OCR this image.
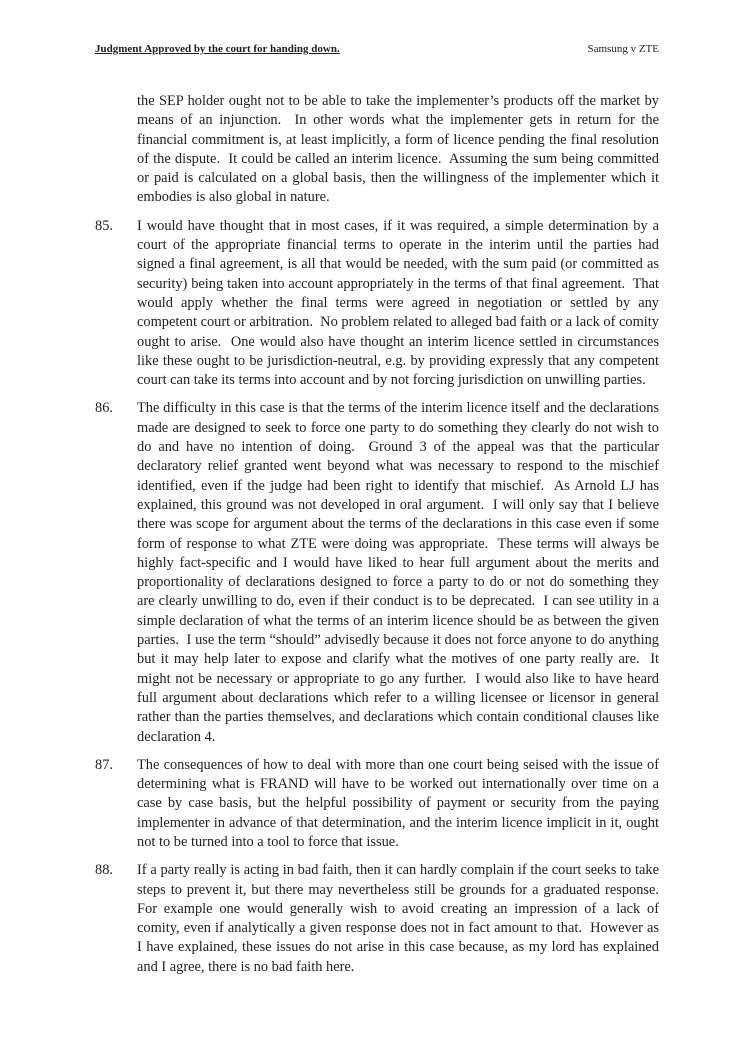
Judgment Approved by the court for handing down.	Samsung v ZTE
the SEP holder ought not to be able to take the implementer’s products off the market by means of an injunction.  In other words what the implementer gets in return for the financial commitment is, at least implicitly, a form of licence pending the final resolution of the dispute.  It could be called an interim licence.  Assuming the sum being committed or paid is calculated on a global basis, then the willingness of the implementer which it embodies is also global in nature.
85.	I would have thought that in most cases, if it was required, a simple determination by a court of the appropriate financial terms to operate in the interim until the parties had signed a final agreement, is all that would be needed, with the sum paid (or committed as security) being taken into account appropriately in the terms of that final agreement.  That would apply whether the final terms were agreed in negotiation or settled by any competent court or arbitration.  No problem related to alleged bad faith or a lack of comity ought to arise.  One would also have thought an interim licence settled in circumstances like these ought to be jurisdiction-neutral, e.g. by providing expressly that any competent court can take its terms into account and by not forcing jurisdiction on unwilling parties.
86.	The difficulty in this case is that the terms of the interim licence itself and the declarations made are designed to seek to force one party to do something they clearly do not wish to do and have no intention of doing.  Ground 3 of the appeal was that the particular declaratory relief granted went beyond what was necessary to respond to the mischief identified, even if the judge had been right to identify that mischief.  As Arnold LJ has explained, this ground was not developed in oral argument.  I will only say that I believe there was scope for argument about the terms of the declarations in this case even if some form of response to what ZTE were doing was appropriate.  These terms will always be highly fact-specific and I would have liked to hear full argument about the merits and proportionality of declarations designed to force a party to do or not do something they are clearly unwilling to do, even if their conduct is to be deprecated.  I can see utility in a simple declaration of what the terms of an interim licence should be as between the given parties.  I use the term “should” advisedly because it does not force anyone to do anything but it may help later to expose and clarify what the motives of one party really are.  It might not be necessary or appropriate to go any further.  I would also like to have heard full argument about declarations which refer to a willing licensee or licensor in general rather than the parties themselves, and declarations which contain conditional clauses like declaration 4.
87.	The consequences of how to deal with more than one court being seised with the issue of determining what is FRAND will have to be worked out internationally over time on a case by case basis, but the helpful possibility of payment or security from the paying implementer in advance of that determination, and the interim licence implicit in it, ought not to be turned into a tool to force that issue.
88.	If a party really is acting in bad faith, then it can hardly complain if the court seeks to take steps to prevent it, but there may nevertheless still be grounds for a graduated response.  For example one would generally wish to avoid creating an impression of a lack of comity, even if analytically a given response does not in fact amount to that.  However as I have explained, these issues do not arise in this case because, as my lord has explained and I agree, there is no bad faith here.
